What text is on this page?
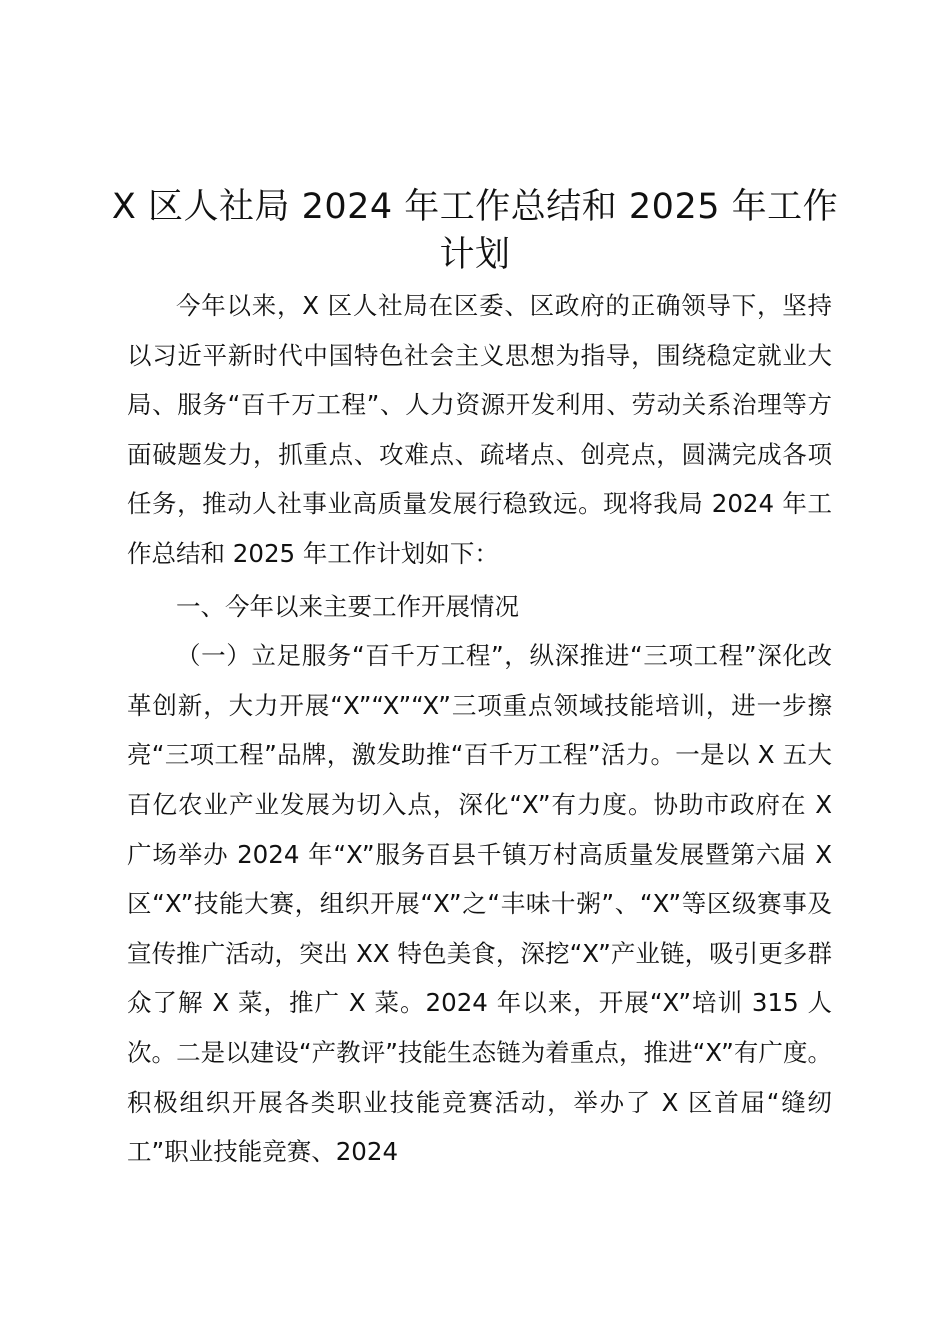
X 区人社局 2024 年工作总结和 2025 年工作计划

今年以来，X 区人社局在区委、区政府的正确领导下，坚持以习近平新时代中国特色社会主义思想为指导，围绕稳定就业大局、服务“百千万工程”、人力资源开发利用、劳动关系治理等方面破题发力，抓重点、攻难点、疏堵点、创亮点，圆满完成各项任务，推动人社事业高质量发展行稳致远。现将我局 2024 年工作总结和 2025 年工作计划如下：

一、今年以来主要工作开展情况

（一）立足服务“百千万工程”，纵深推进“三项工程”深化改革创新，大力开展“X”“X”“X”三项重点领域技能培训，进一步擦亮“三项工程”品牌，激发助推“百千万工程”活力。一是以 X 五大百亿农业产业发展为切入点，深化“X”有力度。协助市政府在 X 广场举办 2024 年“X”服务百县千镇万村高质量发展暨第六届 X 区“X”技能大赛，组织开展“X”之“丰味十粥”、“X”等区级赛事及宣传推广活动，突出 XX 特色美食，深挖“X”产业链，吸引更多群众了解 X 菜，推广 X 菜。2024 年以来，开展“X”培训 315 人次。二是以建设“产教评”技能生态链为着重点，推进“X”有广度。积极组织开展各类职业技能竞赛活动，举办了 X 区首届“缝纫工”职业技能竞赛、2024
